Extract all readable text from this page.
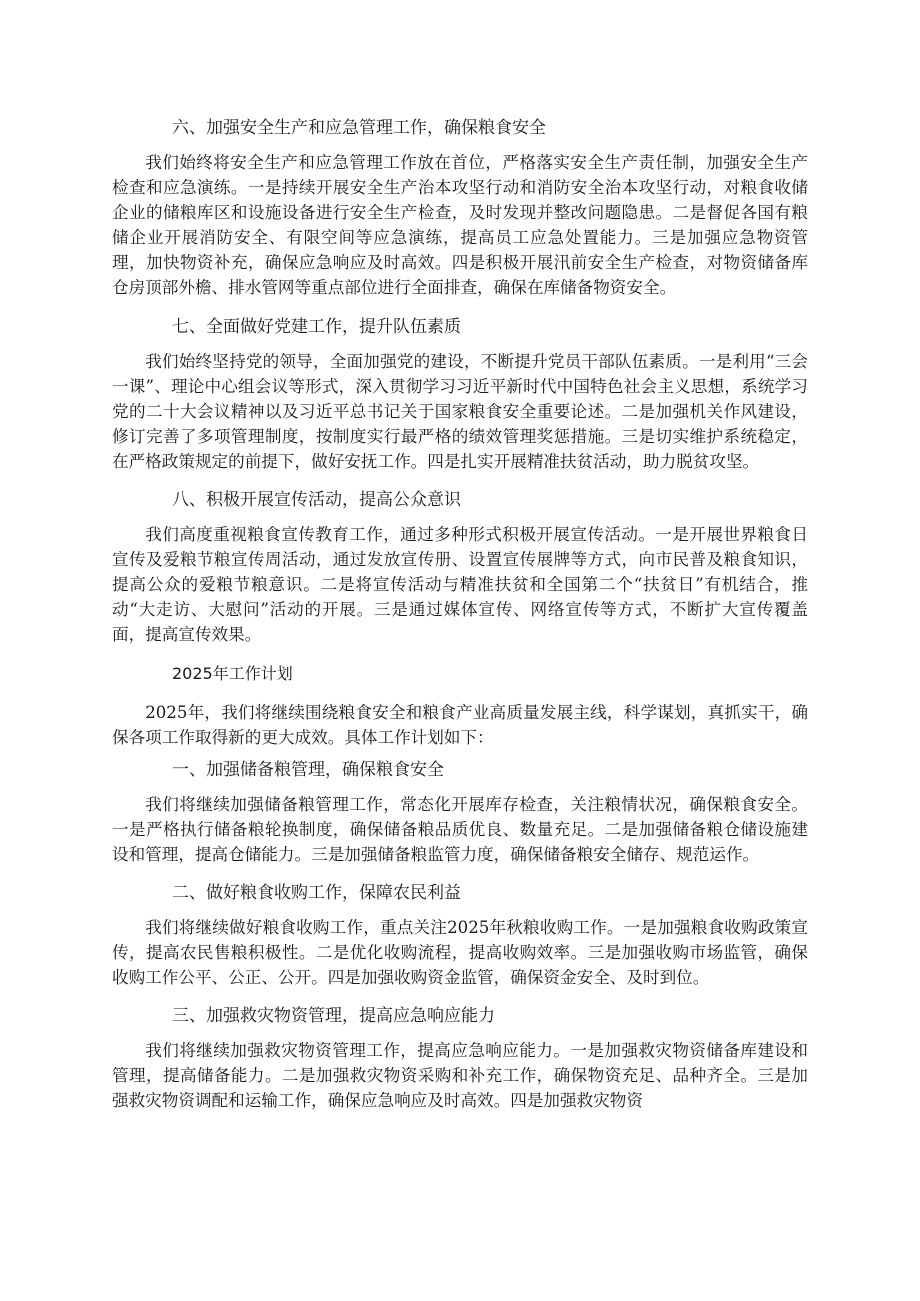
六、加强安全生产和应急管理工作，确保粮食安全

我们始终将安全生产和应急管理工作放在首位，严格落实安全生产责任制，加强安全生产检查和应急演练。一是持续开展安全生产治本攻坚行动和消防安全治本攻坚行动，对粮食收储企业的储粮库区和设施设备进行安全生产检查，及时发现并整改问题隐患。二是督促各国有粮储企业开展消防安全、有限空间等应急演练，提高员工应急处置能力。三是加强应急物资管理，加快物资补充，确保应急响应及时高效。四是积极开展汛前安全生产检查，对物资储备库仓房顶部外檐、排水管网等重点部位进行全面排查，确保在库储备物资安全。

七、全面做好党建工作，提升队伍素质

我们始终坚持党的领导，全面加强党的建设，不断提升党员干部队伍素质。一是利用“三会一课”、理论中心组会议等形式，深入贯彻学习习近平新时代中国特色社会主义思想，系统学习党的二十大会议精神以及习近平总书记关于国家粮食安全重要论述。二是加强机关作风建设，修订完善了多项管理制度，按制度实行最严格的绩效管理奖惩措施。三是切实维护系统稳定，在严格政策规定的前提下，做好安抚工作。四是扎实开展精准扶贫活动，助力脱贫攻坚。

八、积极开展宣传活动，提高公众意识

我们高度重视粮食宣传教育工作，通过多种形式积极开展宣传活动。一是开展世界粮食日宣传及爱粮节粮宣传周活动，通过发放宣传册、设置宣传展牌等方式，向市民普及粮食知识，提高公众的爱粮节粮意识。二是将宣传活动与精准扶贫和全国第二个“扶贫日”有机结合，推动“大走访、大慰问”活动的开展。三是通过媒体宣传、网络宣传等方式，不断扩大宣传覆盖面，提高宣传效果。

2025年工作计划

2025年，我们将继续围绕粮食安全和粮食产业高质量发展主线，科学谋划，真抓实干，确保各项工作取得新的更大成效。具体工作计划如下：

一、加强储备粮管理，确保粮食安全

我们将继续加强储备粮管理工作，常态化开展库存检查，关注粮情状况，确保粮食安全。一是严格执行储备粮轮换制度，确保储备粮品质优良、数量充足。二是加强储备粮仓储设施建设和管理，提高仓储能力。三是加强储备粮监管力度，确保储备粮安全储存、规范运作。

二、做好粮食收购工作，保障农民利益

我们将继续做好粮食收购工作，重点关注2025年秋粮收购工作。一是加强粮食收购政策宣传，提高农民售粮积极性。二是优化收购流程，提高收购效率。三是加强收购市场监管，确保收购工作公平、公正、公开。四是加强收购资金监管，确保资金安全、及时到位。

三、加强救灾物资管理，提高应急响应能力

我们将继续加强救灾物资管理工作，提高应急响应能力。一是加强救灾物资储备库建设和管理，提高储备能力。二是加强救灾物资采购和补充工作，确保物资充足、品种齐全。三是加强救灾物资调配和运输工作，确保应急响应及时高效。四是加强救灾物资
